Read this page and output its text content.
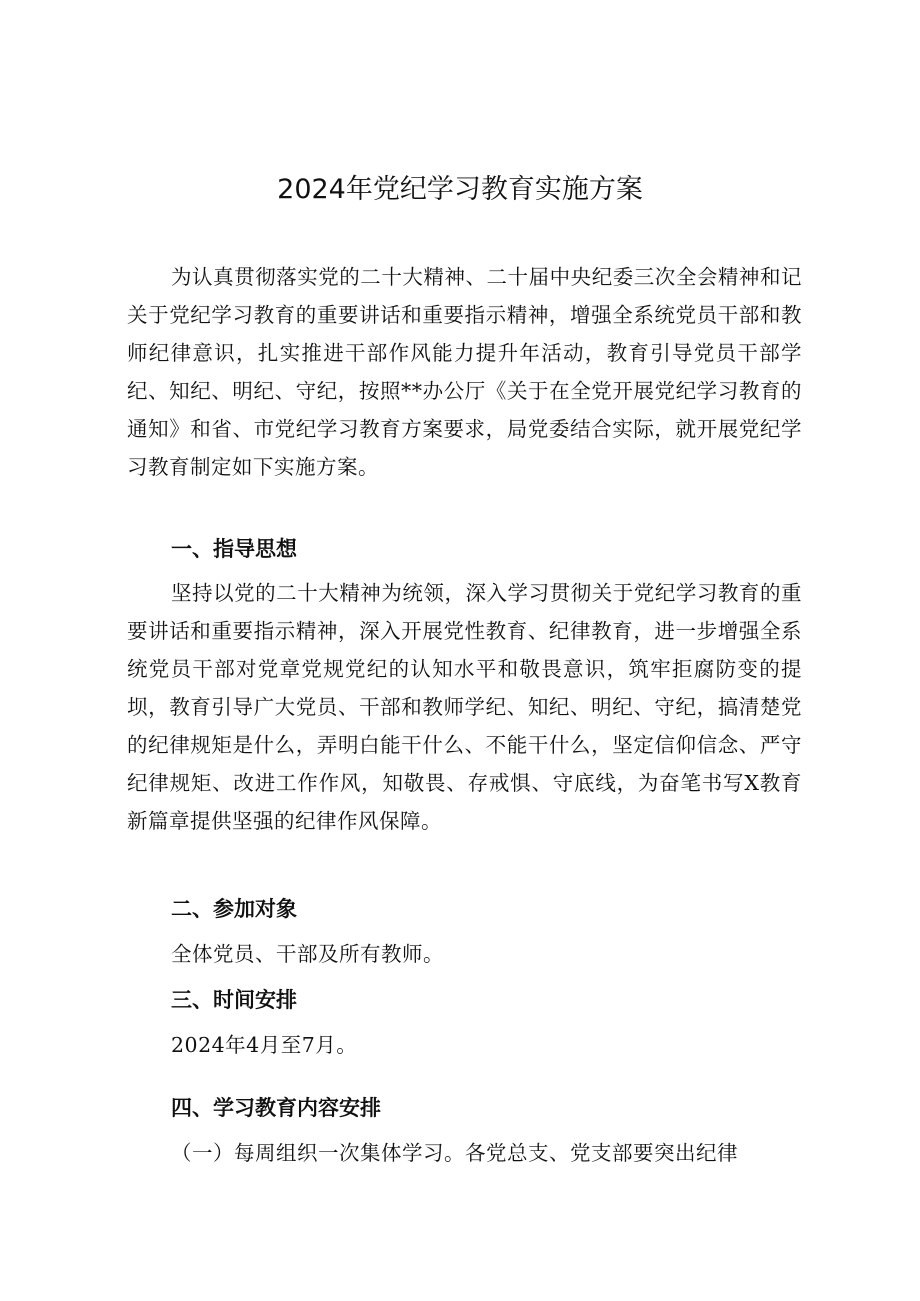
2024年党纪学习教育实施方案

为认真贯彻落实党的二十大精神、二十届中央纪委三次全会精神和记关于党纪学习教育的重要讲话和重要指示精神，增强全系统党员干部和教师纪律意识，扎实推进干部作风能力提升年活动，教育引导党员干部学纪、知纪、明纪、守纪，按照**办公厅《关于在全党开展党纪学习教育的通知》和省、市党纪学习教育方案要求，局党委结合实际，就开展党纪学习教育制定如下实施方案。

一、指导思想

坚持以党的二十大精神为统领，深入学习贯彻关于党纪学习教育的重要讲话和重要指示精神，深入开展党性教育、纪律教育，进一步增强全系统党员干部对党章党规党纪的认知水平和敬畏意识，筑牢拒腐防变的提坝，教育引导广大党员、干部和教师学纪、知纪、明纪、守纪，搞清楚党的纪律规矩是什么，弄明白能干什么、不能干什么，坚定信仰信念、严守纪律规矩、改进工作作风，知敬畏、存戒惧、守底线，为奋笔书写X教育新篇章提供坚强的纪律作风保障。

二、参加对象

全体党员、干部及所有教师。

三、时间安排

2024年4月至7月。

四、学习教育内容安排

（一）每周组织一次集体学习。各党总支、党支部要突出纪律
